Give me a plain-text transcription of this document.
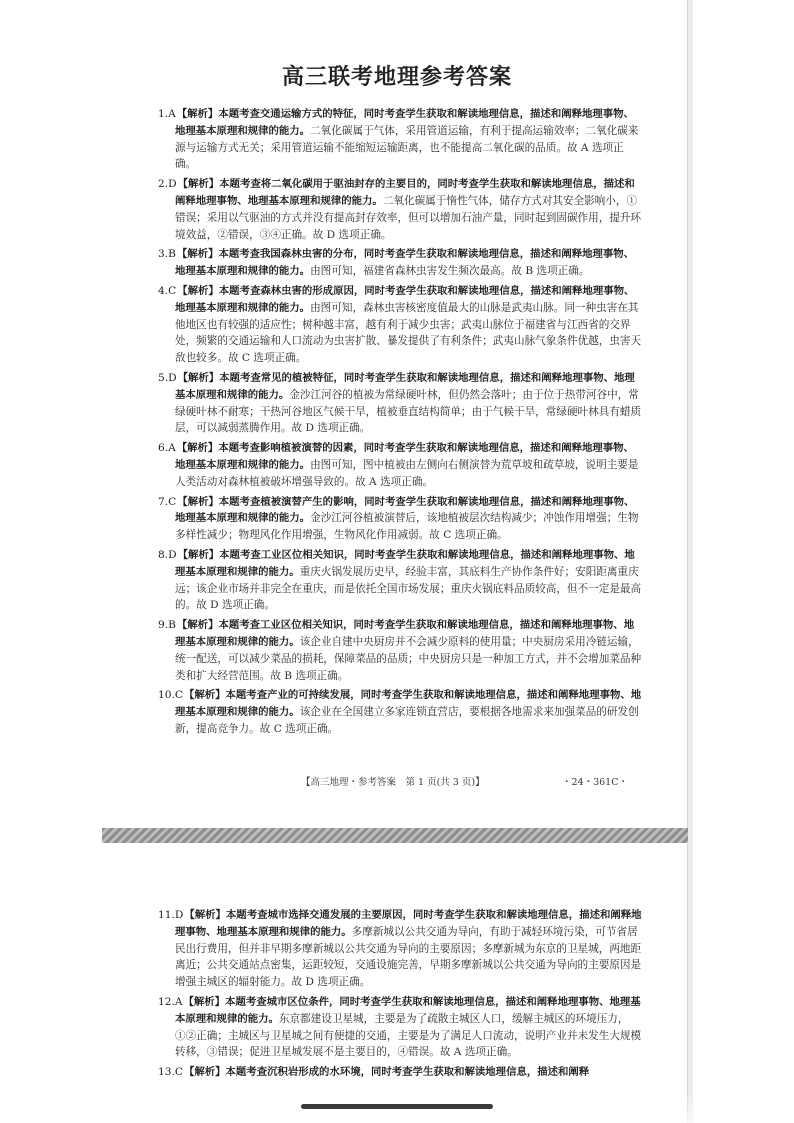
高三联考地理参考答案
1.A【解析】本题考查交通运输方式的特征，同时考查学生获取和解读地理信息，描述和阐释地理事物、地理基本原理和规律的能力。二氧化碳属于气体，采用管道运输，有利于提高运输效率；二氧化碳来源与运输方式无关；采用管道运输不能缩短运输距离，也不能提高二氧化碳的品质。故 A 选项正确。
2.D【解析】本题考查将二氧化碳用于驱油封存的主要目的，同时考查学生获取和解读地理信息，描述和阐释地理事物、地理基本原理和规律的能力。二氧化碳属于惰性气体，储存方式对其安全影响小，①错误；采用以气驱油的方式并没有提高封存效率，但可以增加石油产量，同时起到固碳作用，提升环境效益，②错误，③④正确。故 D 选项正确。
3.B【解析】本题考查我国森林虫害的分布，同时考查学生获取和解读地理信息，描述和阐释地理事物、地理基本原理和规律的能力。由图可知，福建省森林虫害发生频次最高。故 B 选项正确。
4.C【解析】本题考查森林虫害的形成原因，同时考查学生获取和解读地理信息，描述和阐释地理事物、地理基本原理和规律的能力。由图可知，森林虫害核密度值最大的山脉是武夷山脉。同一种虫害在其他地区也有较强的适应性；树种越丰富，越有利于减少虫害；武夷山脉位于福建省与江西省的交界处，频繁的交通运输和人口流动为虫害扩散、暴发提供了有利条件；武夷山脉气象条件优越，虫害天敌也较多。故 C 选项正确。
5.D【解析】本题考查常见的植被特征，同时考查学生获取和解读地理信息，描述和阐释地理事物、地理基本原理和规律的能力。金沙江河谷的植被为常绿硬叶林，但仍然会落叶；由于位于热带河谷中，常绿硬叶林不耐寒；干热河谷地区气候干旱，植被垂直结构简单；由于气候干旱，常绿硬叶林具有蜡质层，可以减弱蒸腾作用。故 D 选项正确。
6.A【解析】本题考查影响植被演替的因素，同时考查学生获取和解读地理信息，描述和阐释地理事物、地理基本原理和规律的能力。由图可知，图中植被由左侧向右侧演替为荒草坡和疏草坡，说明主要是人类活动对森林植被破坏增强导致的。故 A 选项正确。
7.C【解析】本题考查植被演替产生的影响，同时考查学生获取和解读地理信息，描述和阐释地理事物、地理基本原理和规律的能力。金沙江河谷植被演替后，该地植被层次结构减少；冲蚀作用增强；生物多样性减少；物理风化作用增强，生物风化作用减弱。故 C 选项正确。
8.D【解析】本题考查工业区位相关知识，同时考查学生获取和解读地理信息，描述和阐释地理事物、地理基本原理和规律的能力。重庆火锅发展历史早，经验丰富，其底料生产协作条件好；安阳距离重庆远；该企业市场并非完全在重庆，而是依托全国市场发展；重庆火锅底料品质较高，但不一定是最高的。故 D 选项正确。
9.B【解析】本题考查工业区位相关知识，同时考查学生获取和解读地理信息，描述和阐释地理事物、地理基本原理和规律的能力。该企业自建中央厨房并不会减少原料的使用量；中央厨房采用冷链运输，统一配送，可以减少菜品的损耗，保障菜品的品质；中央厨房只是一种加工方式，并不会增加菜品种类和扩大经营范围。故 B 选项正确。
10.C【解析】本题考查产业的可持续发展，同时考查学生获取和解读地理信息，描述和阐释地理事物、地理基本原理和规律的能力。该企业在全国建立多家连锁直营店，要根据各地需求来加强菜品的研发创新，提高竞争力。故 C 选项正确。
【高三地理・参考答案　第 1 页(共 3 页)】	・24・361C・
11.D【解析】本题考查城市选择交通发展的主要原因，同时考查学生获取和解读地理信息，描述和阐释地理事物、地理基本原理和规律的能力。多摩新城以公共交通为导向，有助于减轻环境污染，可节省居民出行费用，但并非早期多摩新城以公共交通为导向的主要原因；多摩新城为东京的卫星城，两地距离近；公共交通站点密集，运距较短，交通设施完善，早期多摩新城以公共交通为导向的主要原因是增强主城区的辐射能力。故 D 选项正确。
12.A【解析】本题考查城市区位条件，同时考查学生获取和解读地理信息，描述和阐释地理事物、地理基本原理和规律的能力。东京都建设卫星城，主要是为了疏散主城区人口，缓解主城区的环境压力，①②正确；主城区与卫星城之间有便捷的交通，主要是为了满足人口流动，说明产业并未发生大规模转移，③错误；促进卫星城发展不是主要目的，④错误。故 A 选项正确。
13.C【解析】本题考查沉积岩形成的水环境，同时考查学生获取和解读地理信息，描述和阐释
